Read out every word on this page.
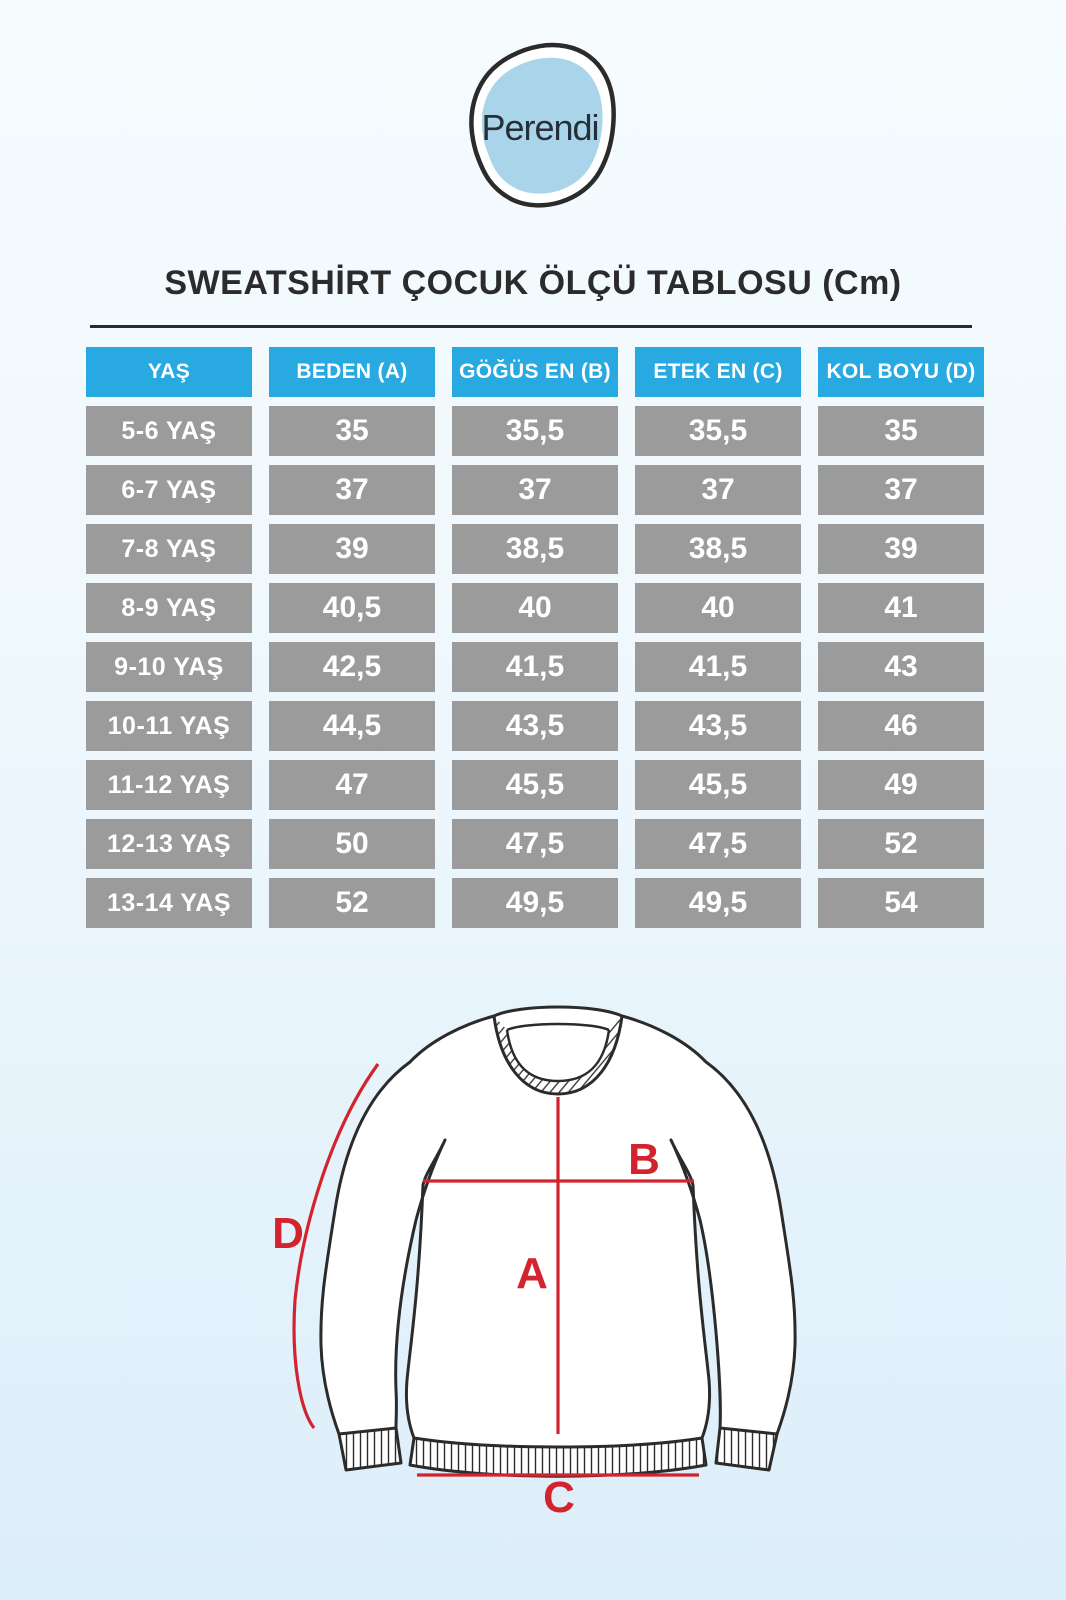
Perendi
SWEATSHİRT ÇOCUK ÖLÇÜ TABLOSU (Cm)
YAŞ	BEDEN (A)	GÖĞÜS EN (B)	ETEK EN (C)	KOL BOYU (D)
5-6 YAŞ	35	35,5	35,5	35
6-7 YAŞ	37	37	37	37
7-8 YAŞ	39	38,5	38,5	39
8-9 YAŞ	40,5	40	40	41
9-10 YAŞ	42,5	41,5	41,5	43
10-11 YAŞ	44,5	43,5	43,5	46
11-12 YAŞ	47	45,5	45,5	49
12-13 YAŞ	50	47,5	47,5	52
13-14 YAŞ	52	49,5	49,5	54
A
B
C
D
